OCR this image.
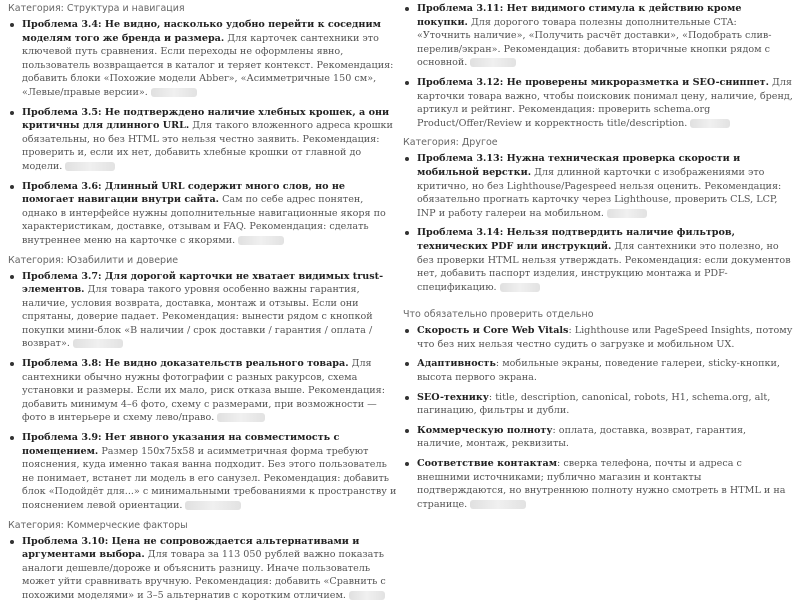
Категория: Структура и навигация
Проблема 3.4: Не видно, насколько удобно перейти к соседним моделям того же бренда и размера. Для карточек сантехники это ключевой путь сравнения. Если переходы не оформлены явно, пользователь возвращается в каталог и теряет контекст. Рекомендация: добавить блоки «Похожие модели Abber», «Асимметричные 150 см», «Левые/правые версии».
Проблема 3.5: Не подтверждено наличие хлебных крошек, а они критичны для длинного URL. Для такого вложенного адреса крошки обязательны, но без HTML это нельзя честно заявить. Рекомендация: проверить и, если их нет, добавить хлебные крошки от главной до модели.
Проблема 3.6: Длинный URL содержит много слов, но не помогает навигации внутри сайта. Сам по себе адрес понятен, однако в интерфейсе нужны дополнительные навигационные якоря по характеристикам, доставке, отзывам и FAQ. Рекомендация: сделать внутреннее меню на карточке с якорями.
Категория: Юзабилити и доверие
Проблема 3.7: Для дорогой карточки не хватает видимых trust-элементов. Для товара такого уровня особенно важны гарантия, наличие, условия возврата, доставка, монтаж и отзывы. Если они спрятаны, доверие падает. Рекомендация: вынести рядом с кнопкой покупки мини-блок «В наличии / срок доставки / гарантия / оплата / возврат».
Проблема 3.8: Не видно доказательств реального товара. Для сантехники обычно нужны фотографии с разных ракурсов, схема установки и размеры. Если их мало, риск отказа выше. Рекомендация: добавить минимум 4–6 фото, схему с размерами, при возможности — фото в интерьере и схему лево/право.
Проблема 3.9: Нет явного указания на совместимость с помещением. Размер 150x75x58 и асимметричная форма требуют пояснения, куда именно такая ванна подходит. Без этого пользователь не понимает, встанет ли модель в его санузел. Рекомендация: добавить блок «Подойдёт для...» с минимальными требованиями к пространству и пояснением левой ориентации.
Категория: Коммерческие факторы
Проблема 3.10: Цена не сопровождается альтернативами и аргументами выбора. Для товара за 113 050 рублей важно показать аналоги дешевле/дороже и объяснить разницу. Иначе пользователь может уйти сравнивать вручную. Рекомендация: добавить «Сравнить с похожими моделями» и 3–5 альтернатив с коротким отличием.
Проблема 3.11: Нет видимого стимула к действию кроме покупки. Для дорогого товара полезны дополнительные CTA: «Уточнить наличие», «Получить расчёт доставки», «Подобрать слив-перелив/экран». Рекомендация: добавить вторичные кнопки рядом с основной.
Проблема 3.12: Не проверены микроразметка и SEO-сниппет. Для карточки товара важно, чтобы поисковик понимал цену, наличие, бренд, артикул и рейтинг. Рекомендация: проверить schema.org Product/Offer/Review и корректность title/description.
Категория: Другое
Проблема 3.13: Нужна техническая проверка скорости и мобильной верстки. Для длинной карточки с изображениями это критично, но без Lighthouse/Pagespeed нельзя оценить. Рекомендация: обязательно прогнать карточку через Lighthouse, проверить CLS, LCP, INP и работу галереи на мобильном.
Проблема 3.14: Нельзя подтвердить наличие фильтров, технических PDF или инструкций. Для сантехники это полезно, но без проверки HTML нельзя утверждать. Рекомендация: если документов нет, добавить паспорт изделия, инструкцию монтажа и PDF-спецификацию.
Что обязательно проверить отдельно
Скорость и Core Web Vitals: Lighthouse или PageSpeed Insights, потому что без них нельзя честно судить о загрузке и мобильном UX.
Адаптивность: мобильные экраны, поведение галереи, sticky-кнопки, высота первого экрана.
SEO-технику: title, description, canonical, robots, H1, schema.org, alt, пагинацию, фильтры и дубли.
Коммерческую полноту: оплата, доставка, возврат, гарантия, наличие, монтаж, реквизиты.
Соответствие контактам: сверка телефона, почты и адреса с внешними источниками; публично магазин и контакты подтверждаются, но внутреннюю полноту нужно смотреть в HTML и на странице.
